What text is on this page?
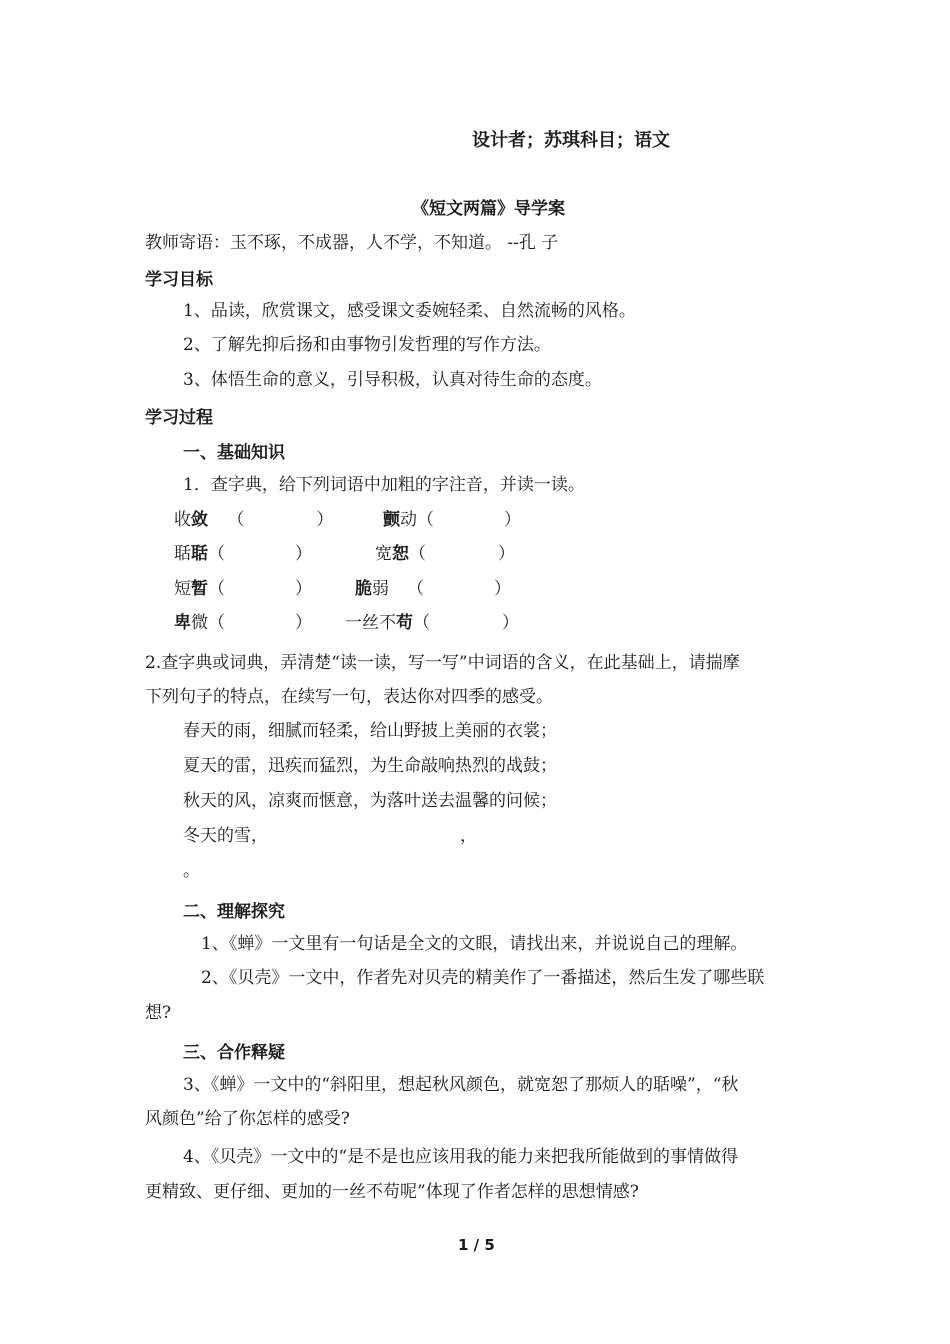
设计者；苏琪科目；语文
《短文两篇》导学案
教师寄语：玉不琢，不成器，人不学，不知道。 --孔 子
学习目标
1、品读，欣赏课文，感受课文委婉轻柔、自然流畅的风格。
2、了解先抑后扬和由事物引发哲理的写作方法。
3、体悟生命的意义，引导积极，认真对待生命的态度。
学习过程
一、基础知识
1．查字典，给下列词语中加粗的字注音，并读一读。
收敛 （	）	颤动（	）
聒聒（	）	宽恕（	）
短暂（	）	脆弱 （	）
卑微（	） 一丝不苟（	）
2.查字典或词典，弄清楚“读一读，写一写”中词语的含义，在此基础上，请揣摩
下列句子的特点，在续写一句，表达你对四季的感受。
春天的雨，细腻而轻柔，给山野披上美丽的衣裳；
夏天的雷，迅疾而猛烈，为生命敲响热烈的战鼓；
秋天的风，凉爽而惬意，为落叶送去温馨的问候；
冬天的雪，	，
。
二、理解探究
1、《蝉》一文里有一句话是全文的文眼，请找出来，并说说自己的理解。
2、《贝壳》一文中，作者先对贝壳的精美作了一番描述，然后生发了哪些联
想?
三、合作释疑
3、《蝉》一文中的“斜阳里，想起秋风颜色，就宽恕了那烦人的聒噪”，“秋
风颜色”给了你怎样的感受?
4、《贝壳》一文中的“是不是也应该用我的能力来把我所能做到的事情做得
更精致、更仔细、更加的一丝不苟呢”体现了作者怎样的思想情感?
1 / 5
